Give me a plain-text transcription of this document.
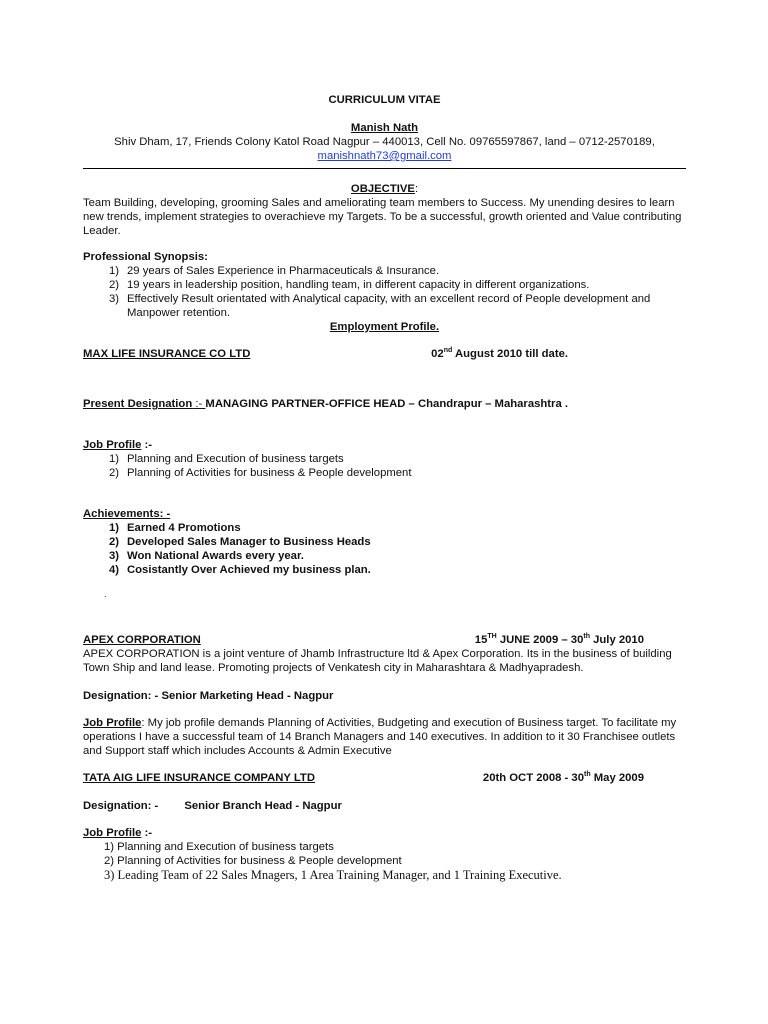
CURRICULUM VITAE
Manish Nath
Shiv Dham, 17, Friends Colony Katol Road Nagpur – 440013, Cell No. 09765597867, land – 0712-2570189,
manishnath73@gmail.com
OBJECTIVE:

Team Building, developing, grooming Sales and ameliorating team members to Success. My unending desires to learn new trends, implement strategies to overachieve my Targets. To be a successful, growth oriented and Value contributing Leader.

Professional Synopsis:
1) 29 years of Sales Experience in Pharmaceuticals & Insurance.
2) 19 years in leadership position, handling team, in different capacity in different organizations.
3) Effectively Result orientated with Analytical capacity, with an excellent record of People development and Manpower retention.
Employment Profile.
MAX LIFE INSURANCE CO LTD	02nd August 2010 till date.
Present Designation :- MANAGING PARTNER-OFFICE HEAD – Chandrapur – Maharashtra .
Job Profile :-
1) Planning and Execution of business targets
2) Planning of Activities for business & People development
Achievements: -
1) Earned 4 Promotions
2) Developed Sales Manager to Business Heads
3) Won National Awards every year.
4) Cosistantly Over Achieved my business plan.
.
APEX CORPORATION	15TH JUNE 2009 – 30th July 2010

APEX CORPORATION is a joint venture of Jhamb Infrastructure ltd & Apex Corporation. Its in the business of building Town Ship and land lease. Promoting projects of Venkatesh city in Maharashtara & Madhyapradesh.

Designation: - Senior Marketing Head - Nagpur

Job Profile: My job profile demands Planning of Activities, Budgeting and execution of Business target. To facilitate my operations I have a successful team of 14 Branch Managers and 140 executives. In addition to it 30 Franchisee outlets and Support staff which includes Accounts & Admin Executive

TATA AIG LIFE INSURANCE COMPANY LTD	20th OCT 2008 - 30th May 2009
Designation: - Senior Branch Head - Nagpur
Job Profile :-
1) Planning and Execution of business targets
2) Planning of Activities for business & People development
3) Leading Team of 22 Sales Mnagers, 1 Area Training Manager, and 1 Training Executive.
